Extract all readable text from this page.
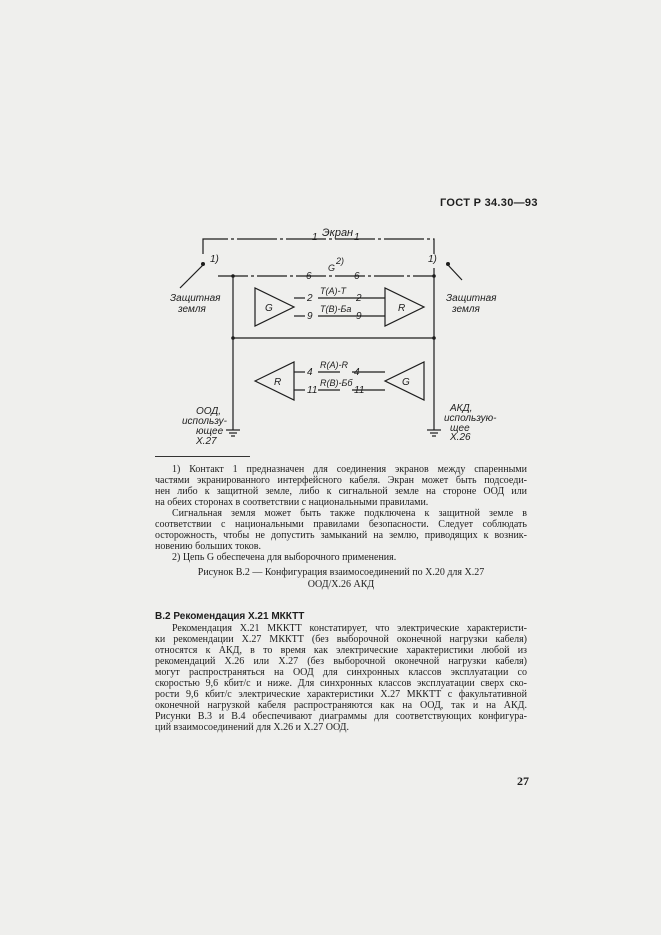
ГОСТ Р 34.30—93
1 Экран 1
1)	1)
6
G
2)
6
G	R
2
T(A)-T
2
9
T(B)-Ба
9
4
R(A)-R
4
11
R(B)-Бб
11
R	G
Защитная
земля
Защитная
земля
ООД,
использу-
ющее
Х.27
АКД,
использую-
щее
Х.26
1) Контакт 1 предназначен для соединения экранов между спаренными
частями экранированного интерфейсного кабеля. Экран может быть подсоеди-
нен либо к защитной земле, либо к сигнальной земле на стороне ООД или
на обеих сторонах в соответствии с национальными правилами.
Сигнальная земля может быть также подключена к защитной земле в
соответствии с национальными правилами безопасности. Следует соблюдать
осторожность, чтобы не допустить замыканий на землю, приводящих к возник-
новению больших токов.
2) Цепь G обеспечена для выборочного применения.
Рисунок В.2 — Конфигурация взаимосоединений по Х.20 для Х.27
ООД/Х.26 АКД
В.2 Рекомендация Х.21 МККТТ
Рекомендация Х.21 МККТТ констатирует, что электрические характеристи-
ки рекомендации Х.27 МККТТ (без выборочной оконечной нагрузки кабеля)
относятся к АКД, в то время как электрические характеристики любой из
рекомендаций Х.26 или Х.27 (без выборочной оконечной нагрузки кабеля)
могут распространяться на ООД для синхронных классов эксплуатации со
скоростью 9,6 кбит/с и ниже. Для синхронных классов эксплуатации сверх ско-
рости 9,6 кбит/с электрические характеристики Х.27 МККТТ с факультативной
оконечной нагрузкой кабеля распространяются как на ООД, так и на АКД.
Рисунки В.3 и В.4 обеспечивают диаграммы для соответствующих конфигура-
ций взаимосоединений для Х.26 и Х.27 ООД.
27
